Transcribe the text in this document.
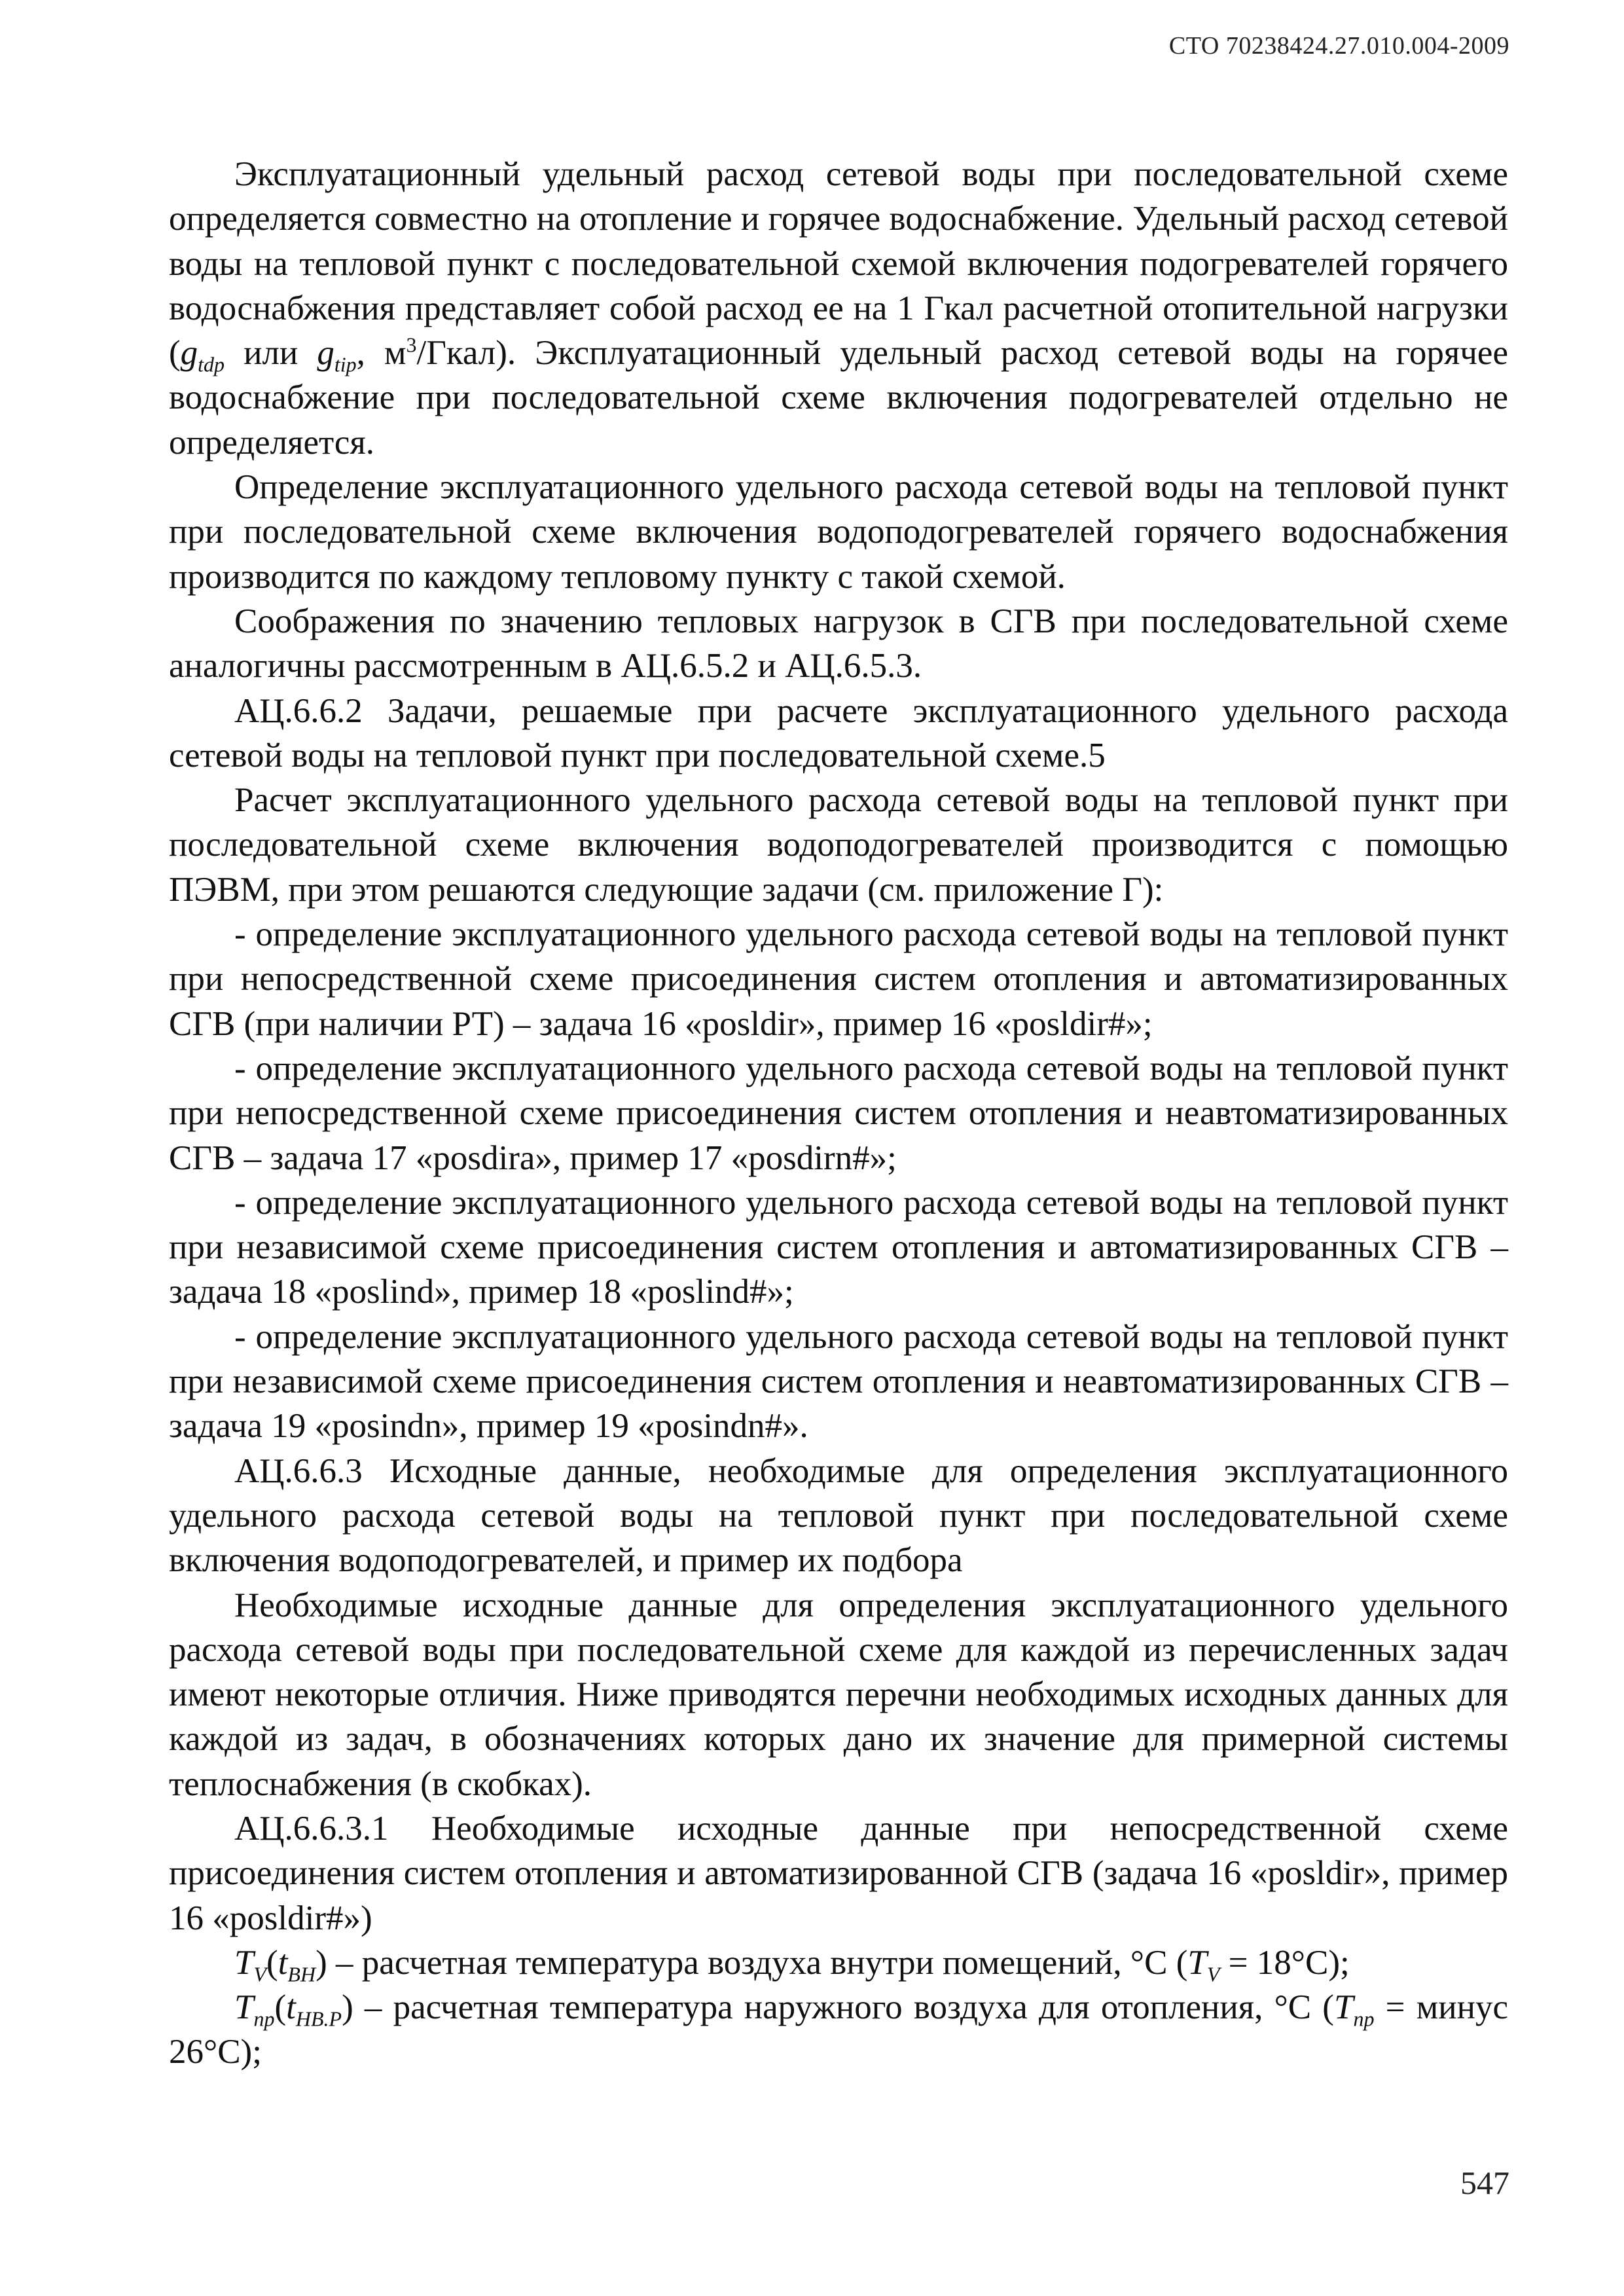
СТО 70238424.27.010.004-2009

Эксплуатационный удельный расход сетевой воды при последовательной схеме определяется совместно на отопление и горячее водоснабжение. Удельный расход сетевой воды на тепловой пункт с последовательной схемой включения подогревателей горячего водоснабжения представляет собой расход ее на 1 Гкал расчетной отопительной нагрузки ($g_{tdp}$ или $g_{tip}$, $м^3/Гкал$). Эксплуатационный удельный расход сетевой воды на горячее водоснабжение при последовательной схеме включения подогревателей отдельно не определяется.

Определение эксплуатационного удельного расхода сетевой воды на тепловой пункт при последовательной схеме включения водоподогревателей горячего водоснабжения производится по каждому тепловому пункту с такой схемой.

Соображения по значению тепловых нагрузок в СГВ при последовательной схеме аналогичны рассмотренным в АЦ.6.5.2 и АЦ.6.5.3.

АЦ.6.6.2 Задачи, решаемые при расчете эксплуатационного удельного расхода сетевой воды на тепловой пункт при последовательной схеме.5

Расчет эксплуатационного удельного расхода сетевой воды на тепловой пункт при последовательной схеме включения водоподогревателей производится с помощью ПЭВМ, при этом решаются следующие задачи (см. приложение Г):

- определение эксплуатационного удельного расхода сетевой воды на тепловой пункт при непосредственной схеме присоединения систем отопления и автоматизированных СГВ (при наличии РТ) – задача 16 «posldir», пример 16 «posldir#»;

- определение эксплуатационного удельного расхода сетевой воды на тепловой пункт при непосредственной схеме присоединения систем отопления и неавтоматизированных СГВ – задача 17 «posdira», пример 17 «posdirn#»;

- определение эксплуатационного удельного расхода сетевой воды на тепловой пункт при независимой схеме присоединения систем отопления и автоматизированных СГВ – задача 18 «poslind», пример 18 «poslind#»;

- определение эксплуатационного удельного расхода сетевой воды на тепловой пункт при независимой схеме присоединения систем отопления и неавтоматизированных СГВ – задача 19 «posindn», пример 19 «posindn#».

АЦ.6.6.3 Исходные данные, необходимые для определения эксплуатационного удельного расхода сетевой воды на тепловой пункт при последовательной схеме включения водоподогревателей, и пример их подбора

Необходимые исходные данные для определения эксплуатационного удельного расхода сетевой воды при последовательной схеме для каждой из перечисленных задач имеют некоторые отличия. Ниже приводятся перечни необходимых исходных данных для каждой из задач, в обозначениях которых дано их значение для примерной системы теплоснабжения (в скобках).

АЦ.6.6.3.1 Необходимые исходные данные при непосредственной схеме присоединения систем отопления и автоматизированной СГВ (задача 16 «posldir», пример 16 «posldir#»)

$T_V(t_{ВН})$ – расчетная температура воздуха внутри помещений, °С $(T_V = 18^\circ С)$;

$T_{np}(t_{НВ.Р})$ – расчетная температура наружного воздуха для отопления, °С ($T_{np}$ = минус 26°С);

547
